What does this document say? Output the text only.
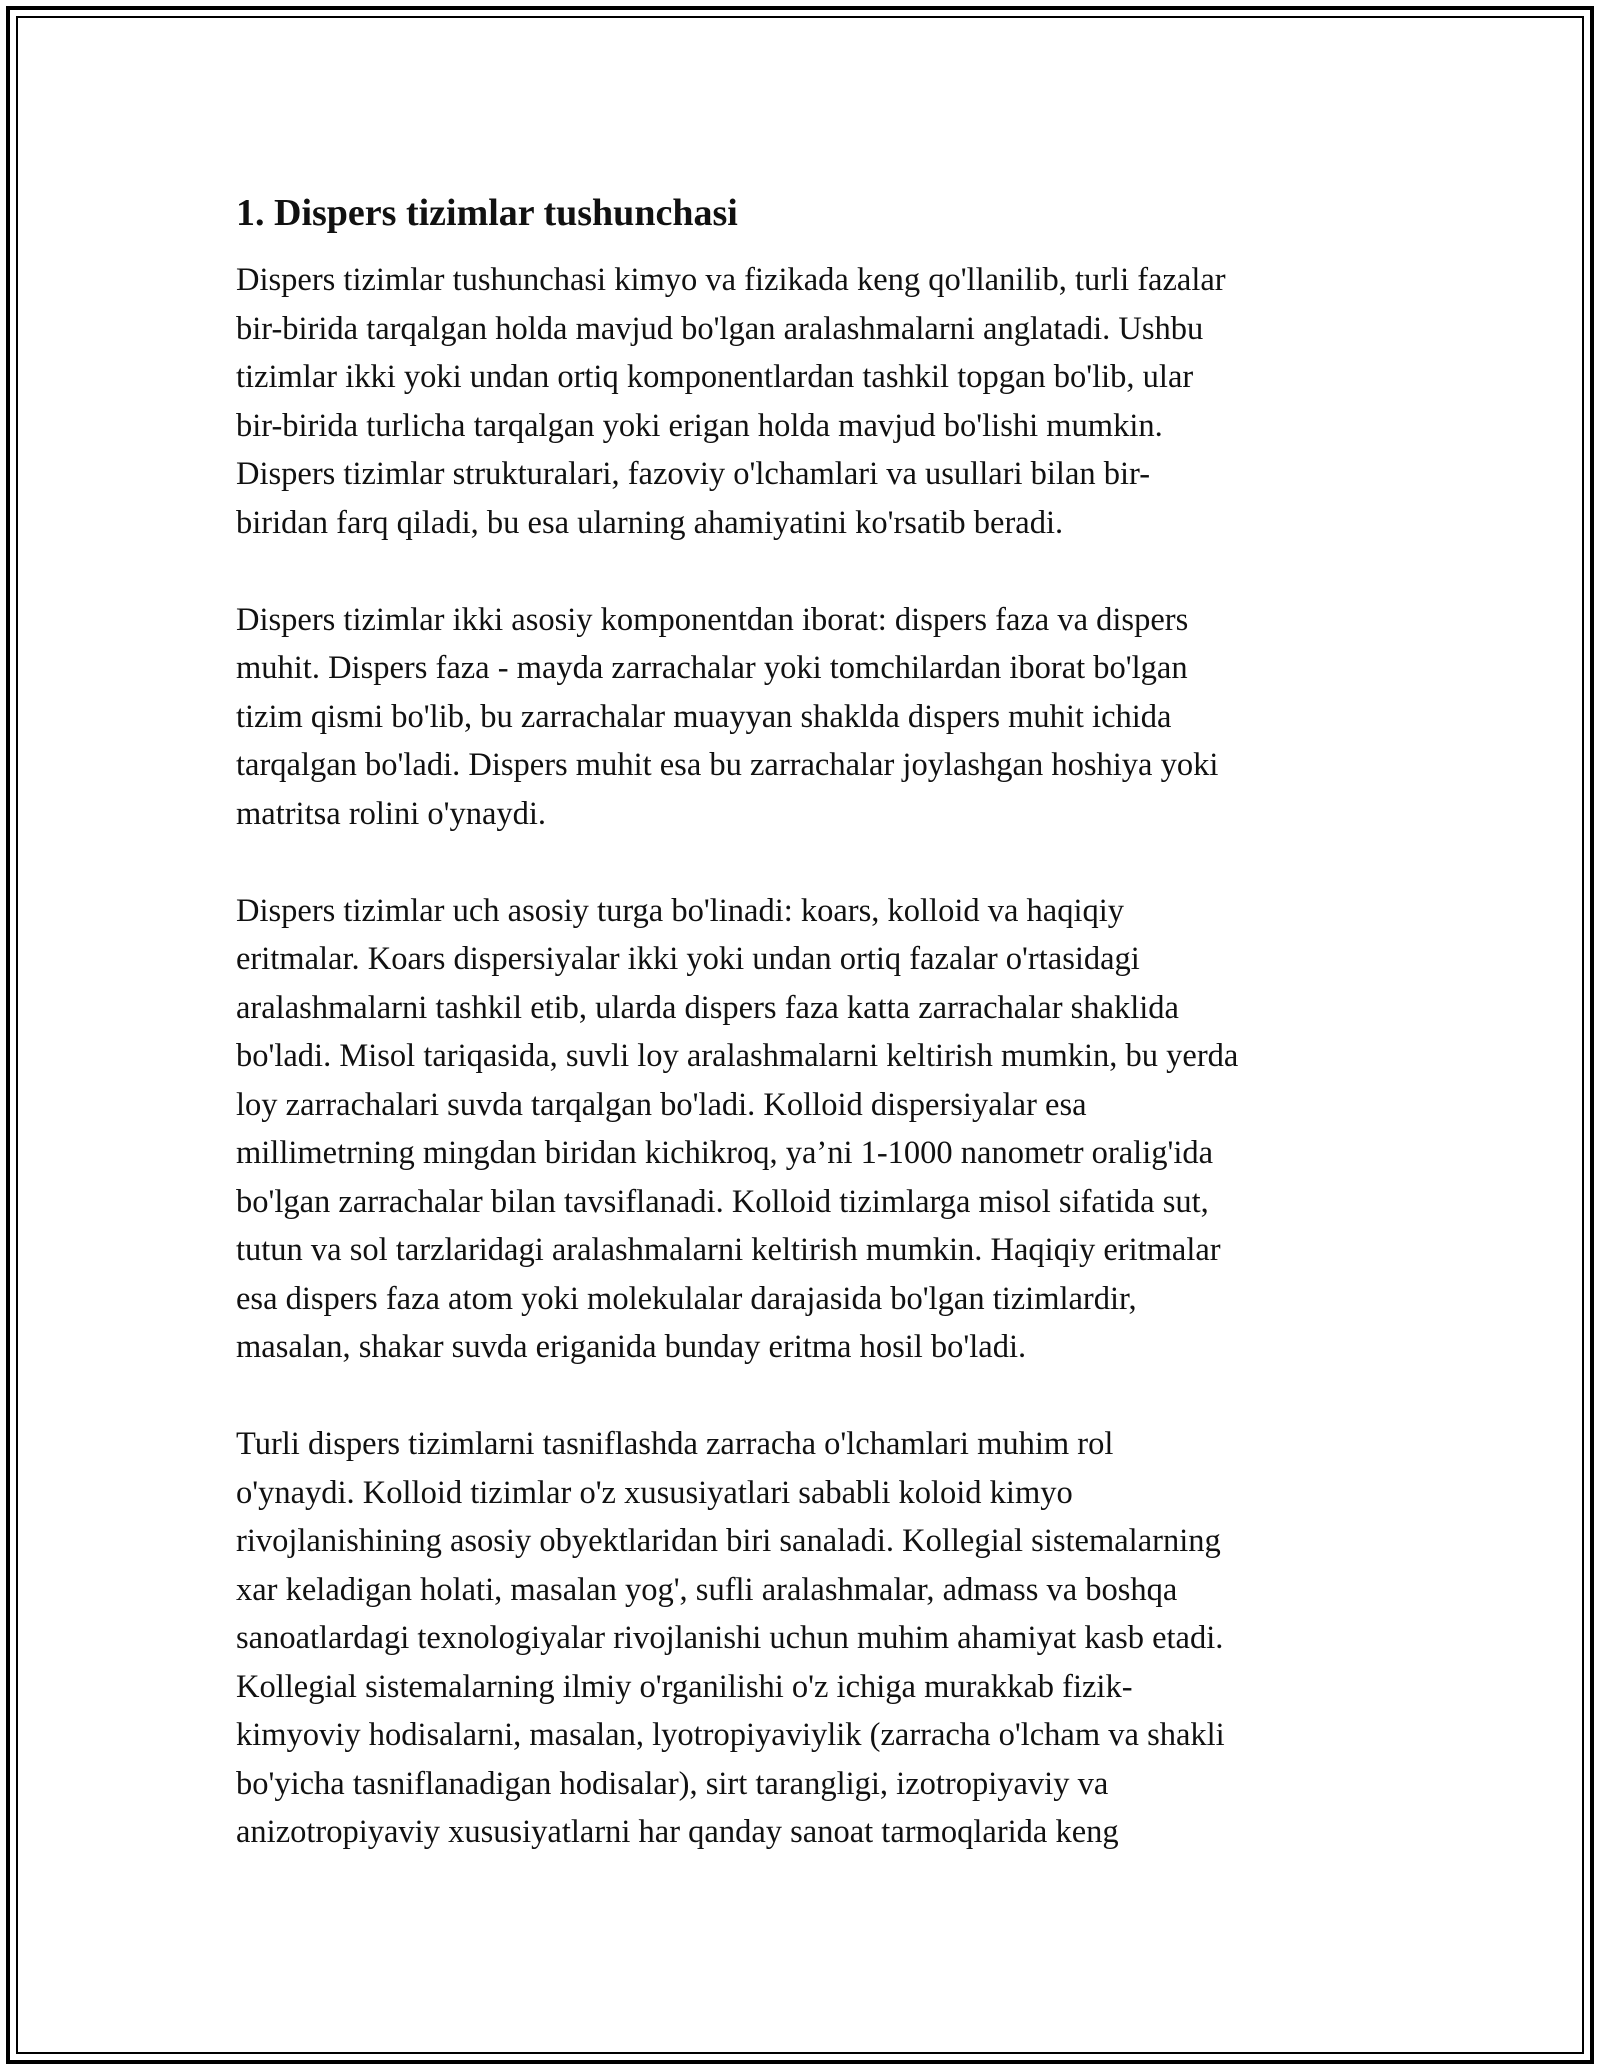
1. Dispers tizimlar tushunchasi

Dispers tizimlar tushunchasi kimyo va fizikada keng qo'llanilib, turli fazalar
bir-birida tarqalgan holda mavjud bo'lgan aralashmalarni anglatadi. Ushbu
tizimlar ikki yoki undan ortiq komponentlardan tashkil topgan bo'lib, ular
bir-birida turlicha tarqalgan yoki erigan holda mavjud bo'lishi mumkin.
Dispers tizimlar strukturalari, fazoviy o'lchamlari va usullari bilan bir-
biridan farq qiladi, bu esa ularning ahamiyatini ko'rsatib beradi.

Dispers tizimlar ikki asosiy komponentdan iborat: dispers faza va dispers
muhit. Dispers faza - mayda zarrachalar yoki tomchilardan iborat bo'lgan
tizim qismi bo'lib, bu zarrachalar muayyan shaklda dispers muhit ichida
tarqalgan bo'ladi. Dispers muhit esa bu zarrachalar joylashgan hoshiya yoki
matritsa rolini o'ynaydi.

Dispers tizimlar uch asosiy turga bo'linadi: koars, kolloid va haqiqiy
eritmalar. Koars dispersiyalar ikki yoki undan ortiq fazalar o'rtasidagi
aralashmalarni tashkil etib, ularda dispers faza katta zarrachalar shaklida
bo'ladi. Misol tariqasida, suvli loy aralashmalarni keltirish mumkin, bu yerda
loy zarrachalari suvda tarqalgan bo'ladi. Kolloid dispersiyalar esa
millimetrning mingdan biridan kichikroq, ya’ni 1-1000 nanometr oralig'ida
bo'lgan zarrachalar bilan tavsiflanadi. Kolloid tizimlarga misol sifatida sut,
tutun va sol tarzlaridagi aralashmalarni keltirish mumkin. Haqiqiy eritmalar
esa dispers faza atom yoki molekulalar darajasida bo'lgan tizimlardir,
masalan, shakar suvda eriganida bunday eritma hosil bo'ladi.

Turli dispers tizimlarni tasniflashda zarracha o'lchamlari muhim rol
o'ynaydi. Kolloid tizimlar o'z xususiyatlari sababli koloid kimyo
rivojlanishining asosiy obyektlaridan biri sanaladi. Kollegial sistemalarning
xar keladigan holati, masalan yog', sufli aralashmalar, admass va boshqa
sanoatlardagi texnologiyalar rivojlanishi uchun muhim ahamiyat kasb etadi.
Kollegial sistemalarning ilmiy o'rganilishi o'z ichiga murakkab fizik-
kimyoviy hodisalarni, masalan, lyotropiyaviylik (zarracha o'lcham va shakli
bo'yicha tasniflanadigan hodisalar), sirt tarangligi, izotropiyaviy va
anizotropiyaviy xususiyatlarni har qanday sanoat tarmoqlarida keng
